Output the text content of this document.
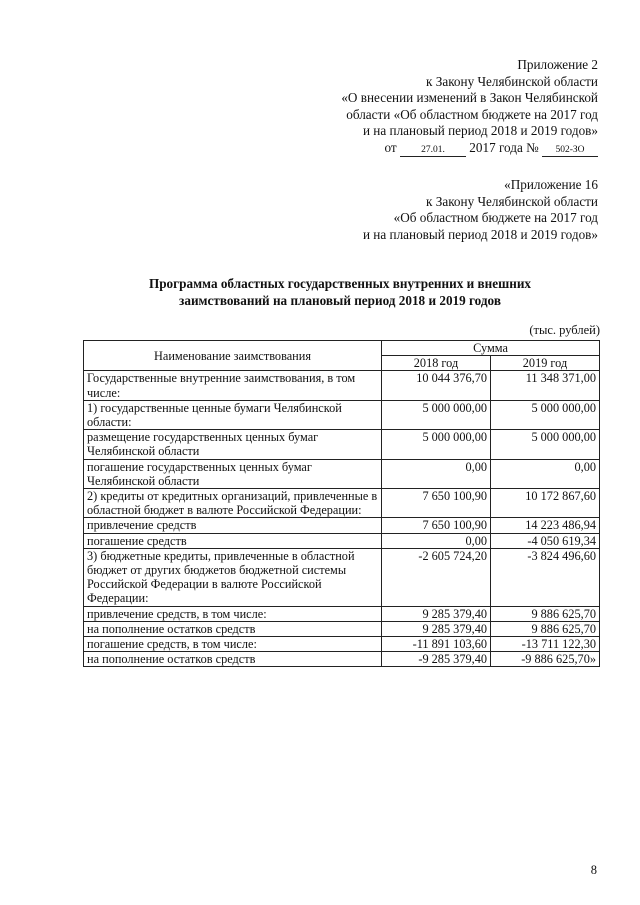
Приложение 2
к Закону Челябинской области
«О внесении изменений в Закон Челябинской
области «Об областном бюджете на 2017 год
и на плановый период 2018 и 2019 годов»
от	27.01. 2017 года № 502-ЗО
«Приложение 16
к Закону Челябинской области
«Об областном бюджете на 2017 год
и на плановый период 2018 и 2019 годов»
Программа областных государственных внутренних и внешних
заимствований на плановый период 2018 и 2019 годов
(тыс. рублей)
Наименование заимствования	Сумма	
	2018 год	2019 год
Государственные внутренние заимствования, в том числе:	10 044 376,70	11 348 371,00
1) государственные ценные бумаги Челябинской области:	5 000 000,00	5 000 000,00
размещение государственных ценных бумаг Челябинской области	5 000 000,00	5 000 000,00
погашение государственных ценных бумаг Челябинской области	0,00	0,00
2) кредиты от кредитных организаций, привлеченные в областной бюджет в валюте Российской Федерации:	7 650 100,90	10 172 867,60
привлечение средств	7 650 100,90	14 223 486,94
погашение средств	0,00	-4 050 619,34
3) бюджетные кредиты, привлеченные в областной бюджет от других бюджетов бюджетной системы Российской Федерации в валюте Российской Федерации:	-2 605 724,20	-3 824 496,60
привлечение средств, в том числе:	9 285 379,40	9 886 625,70
на пополнение остатков средств	9 285 379,40	9 886 625,70
погашение средств, в том числе:	-11 891 103,60	-13 711 122,30
на пополнение остатков средств	-9 285 379,40	-9 886 625,70»
8
